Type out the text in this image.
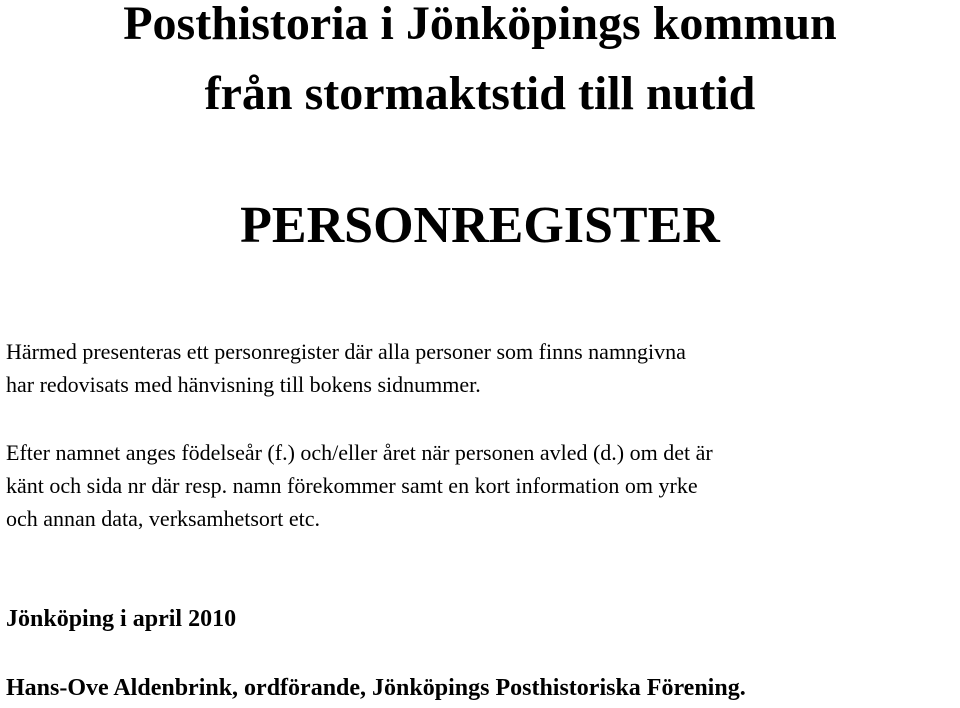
Posthistoria i Jönköpings kommun
från stormaktstid till nutid
PERSONREGISTER

Härmed presenteras ett personregister där alla personer som finns namngivna
har redovisats med hänvisning till bokens sidnummer.

Efter namnet anges födelseår (f.) och/eller året när personen avled (d.) om det är
känt och sida nr där resp. namn förekommer samt en kort information om yrke
och annan data, verksamhetsort etc.

Jönköping i april 2010
Hans-Ove Aldenbrink, ordförande, Jönköpings Posthistoriska Förening.
